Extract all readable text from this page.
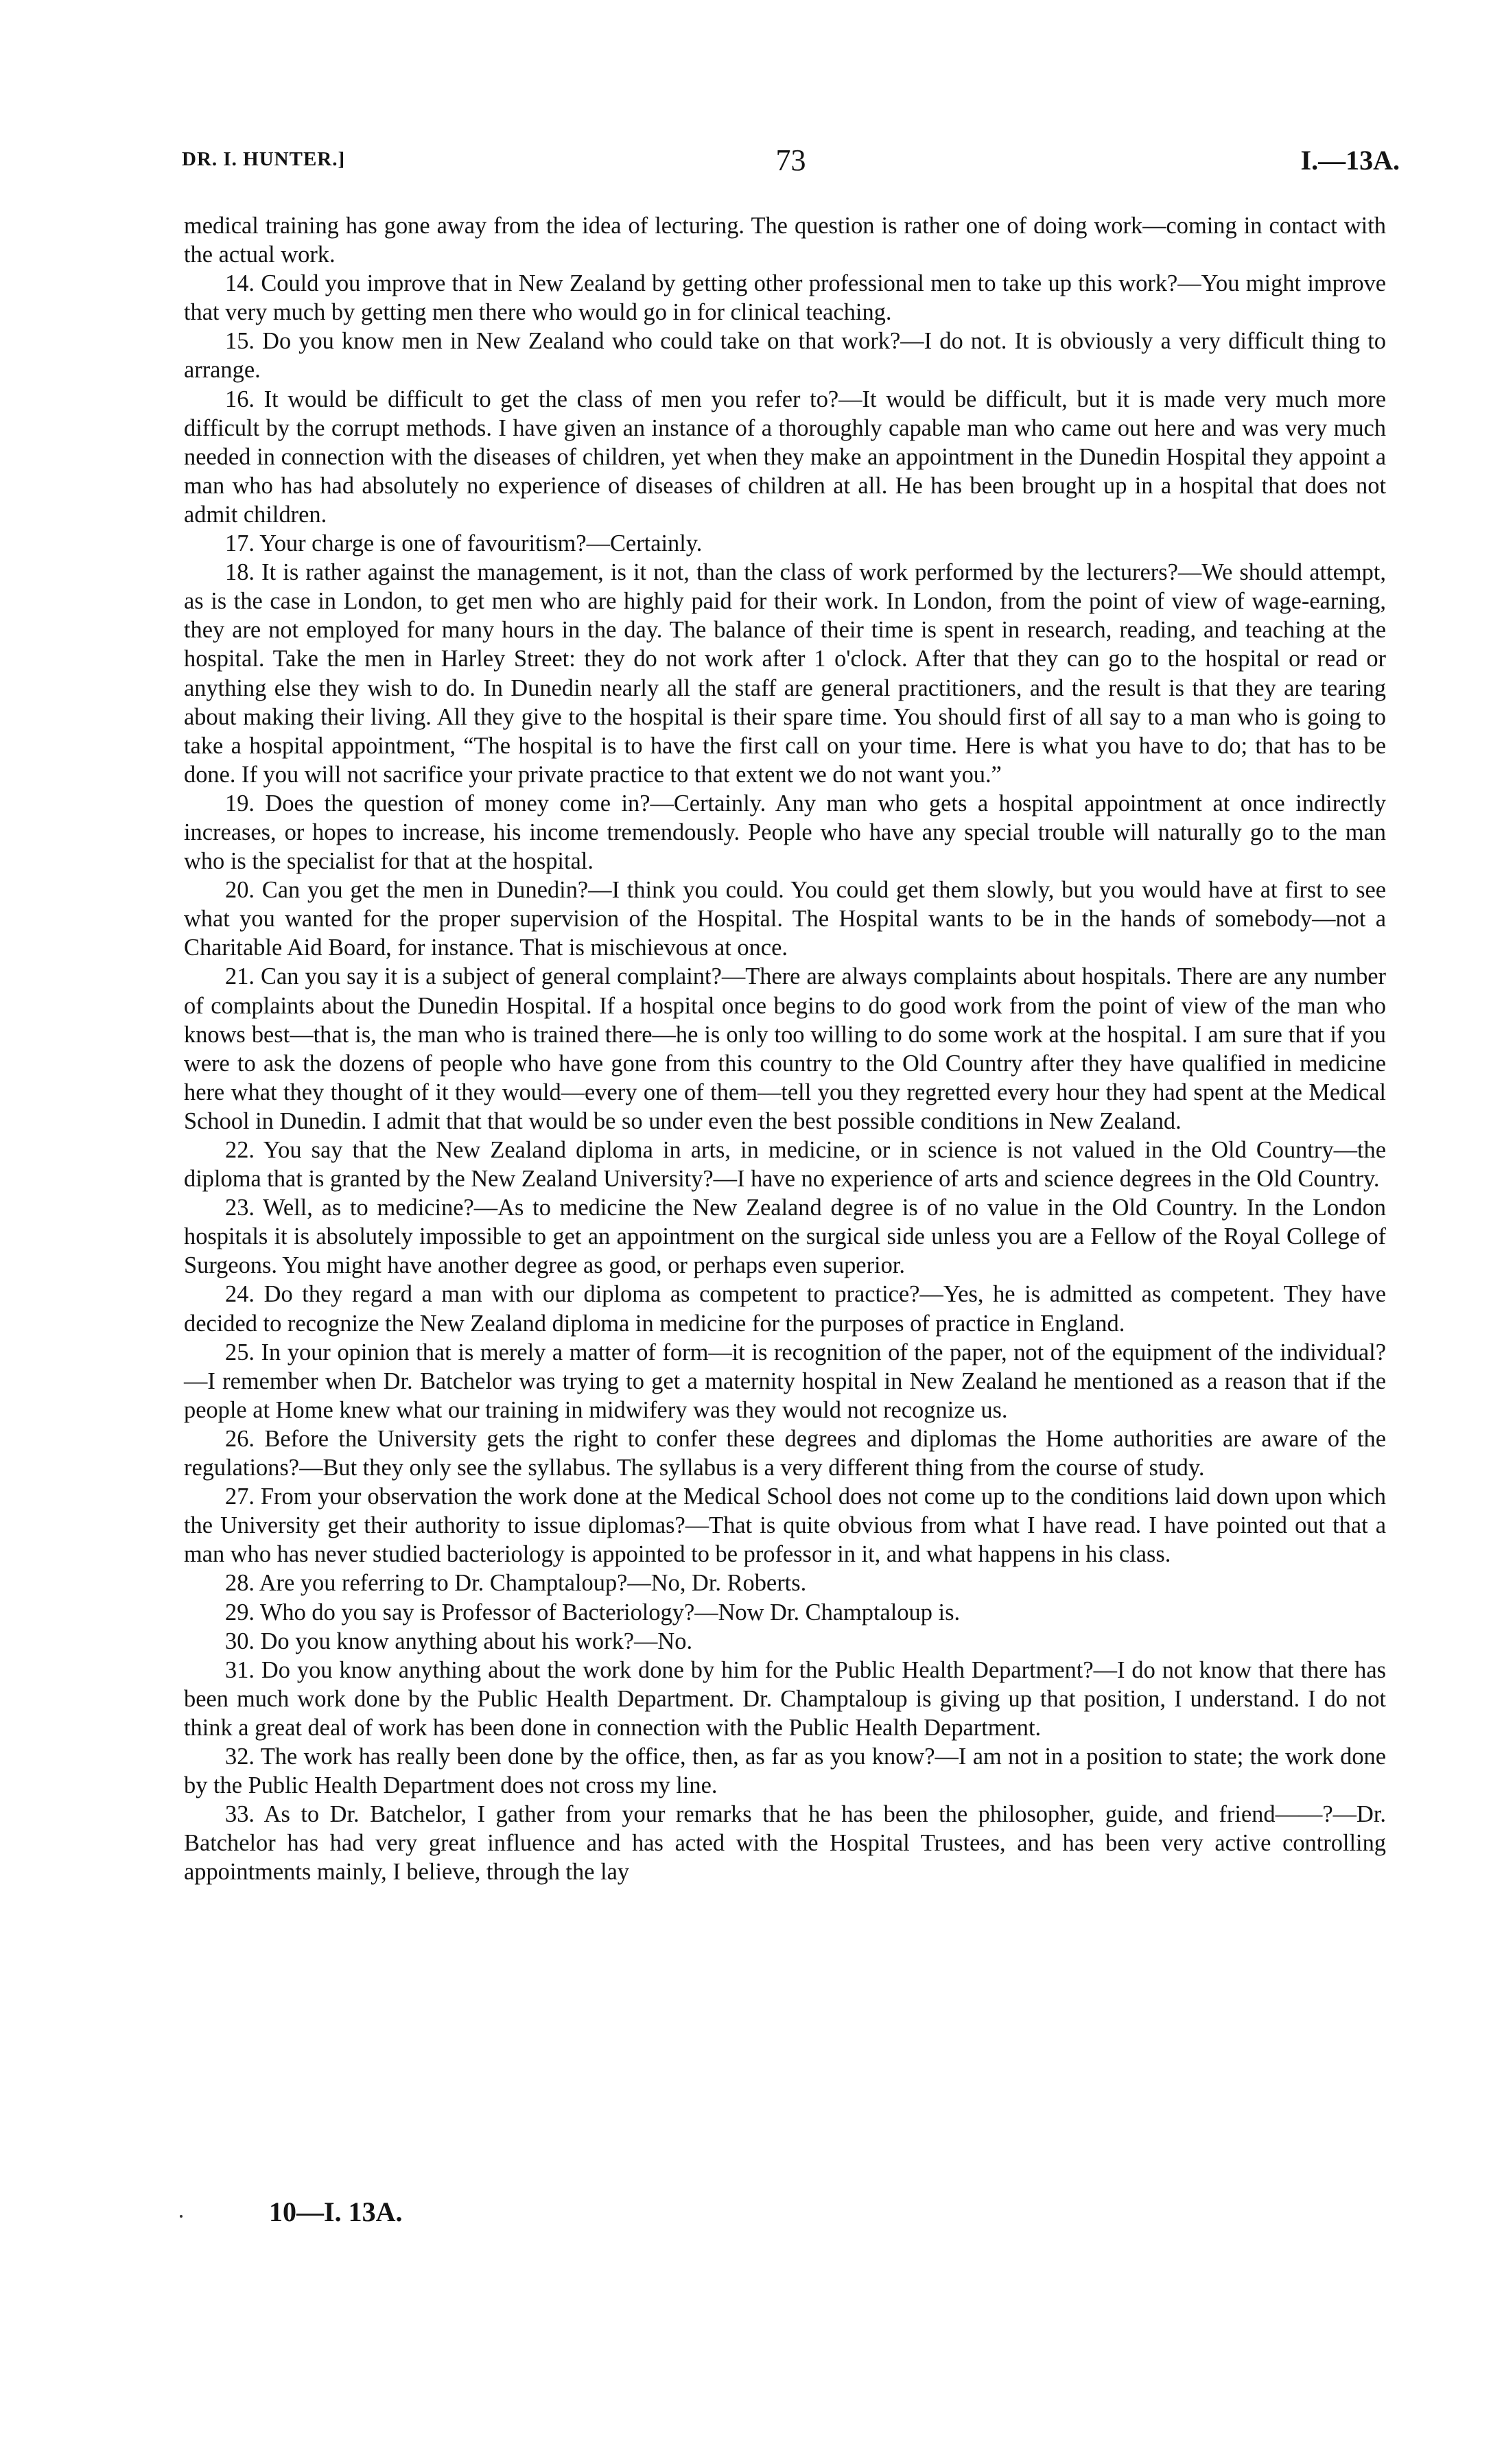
DR. I. HUNTER.]	73	I.—13A.

medical training has gone away from the idea of lecturing. The question is rather one of doing work—coming in contact with the actual work.

14. Could you improve that in New Zealand by getting other professional men to take up this work?—You might improve that very much by getting men there who would go in for clinical teaching.

15. Do you know men in New Zealand who could take on that work?—I do not. It is obviously a very difficult thing to arrange.

16. It would be difficult to get the class of men you refer to?—It would be difficult, but it is made very much more difficult by the corrupt methods. I have given an instance of a thoroughly capable man who came out here and was very much needed in connection with the diseases of children, yet when they make an appointment in the Dunedin Hospital they appoint a man who has had absolutely no experience of diseases of children at all. He has been brought up in a hospital that does not admit children.

17. Your charge is one of favouritism?—Certainly.

18. It is rather against the management, is it not, than the class of work performed by the lecturers?—We should attempt, as is the case in London, to get men who are highly paid for their work. In London, from the point of view of wage-earning, they are not employed for many hours in the day. The balance of their time is spent in research, reading, and teaching at the hospital. Take the men in Harley Street: they do not work after 1 o'clock. After that they can go to the hospital or read or anything else they wish to do. In Dunedin nearly all the staff are general practitioners, and the result is that they are tearing about making their living. All they give to the hospital is their spare time. You should first of all say to a man who is going to take a hospital appointment, “The hospital is to have the first call on your time. Here is what you have to do; that has to be done. If you will not sacrifice your private practice to that extent we do not want you.”

19. Does the question of money come in?—Certainly. Any man who gets a hospital appointment at once indirectly increases, or hopes to increase, his income tremendously. People who have any special trouble will naturally go to the man who is the specialist for that at the hospital.

20. Can you get the men in Dunedin?—I think you could. You could get them slowly, but you would have at first to see what you wanted for the proper supervision of the Hospital. The Hospital wants to be in the hands of somebody—not a Charitable Aid Board, for instance. That is mischievous at once.

21. Can you say it is a subject of general complaint?—There are always complaints about hospitals. There are any number of complaints about the Dunedin Hospital. If a hospital once begins to do good work from the point of view of the man who knows best—that is, the man who is trained there—he is only too willing to do some work at the hospital. I am sure that if you were to ask the dozens of people who have gone from this country to the Old Country after they have qualified in medicine here what they thought of it they would—every one of them—tell you they regretted every hour they had spent at the Medical School in Dunedin. I admit that that would be so under even the best possible conditions in New Zealand.

22. You say that the New Zealand diploma in arts, in medicine, or in science is not valued in the Old Country—the diploma that is granted by the New Zealand University?—I have no experience of arts and science degrees in the Old Country.

23. Well, as to medicine?—As to medicine the New Zealand degree is of no value in the Old Country. In the London hospitals it is absolutely impossible to get an appointment on the surgical side unless you are a Fellow of the Royal College of Surgeons. You might have another degree as good, or perhaps even superior.

24. Do they regard a man with our diploma as competent to practice?—Yes, he is admitted as competent. They have decided to recognize the New Zealand diploma in medicine for the purposes of practice in England.

25. In your opinion that is merely a matter of form—it is recognition of the paper, not of the equipment of the individual?—I remember when Dr. Batchelor was trying to get a maternity hospital in New Zealand he mentioned as a reason that if the people at Home knew what our training in midwifery was they would not recognize us.

26. Before the University gets the right to confer these degrees and diplomas the Home authorities are aware of the regulations?—But they only see the syllabus. The syllabus is a very different thing from the course of study.

27. From your observation the work done at the Medical School does not come up to the conditions laid down upon which the University get their authority to issue diplomas?—That is quite obvious from what I have read. I have pointed out that a man who has never studied bacteriology is appointed to be professor in it, and what happens in his class.

28. Are you referring to Dr. Champtaloup?—No, Dr. Roberts.

29. Who do you say is Professor of Bacteriology?—Now Dr. Champtaloup is.

30. Do you know anything about his work?—No.

31. Do you know anything about the work done by him for the Public Health Department?—I do not know that there has been much work done by the Public Health Department. Dr. Champtaloup is giving up that position, I understand. I do not think a great deal of work has been done in connection with the Public Health Department.

32. The work has really been done by the office, then, as far as you know?—I am not in a position to state; the work done by the Public Health Department does not cross my line.

33. As to Dr. Batchelor, I gather from your remarks that he has been the philosopher, guide, and friend——?—Dr. Batchelor has had very great influence and has acted with the Hospital Trustees, and has been very active controlling appointments mainly, I believe, through the lay

10—I. 13A.
